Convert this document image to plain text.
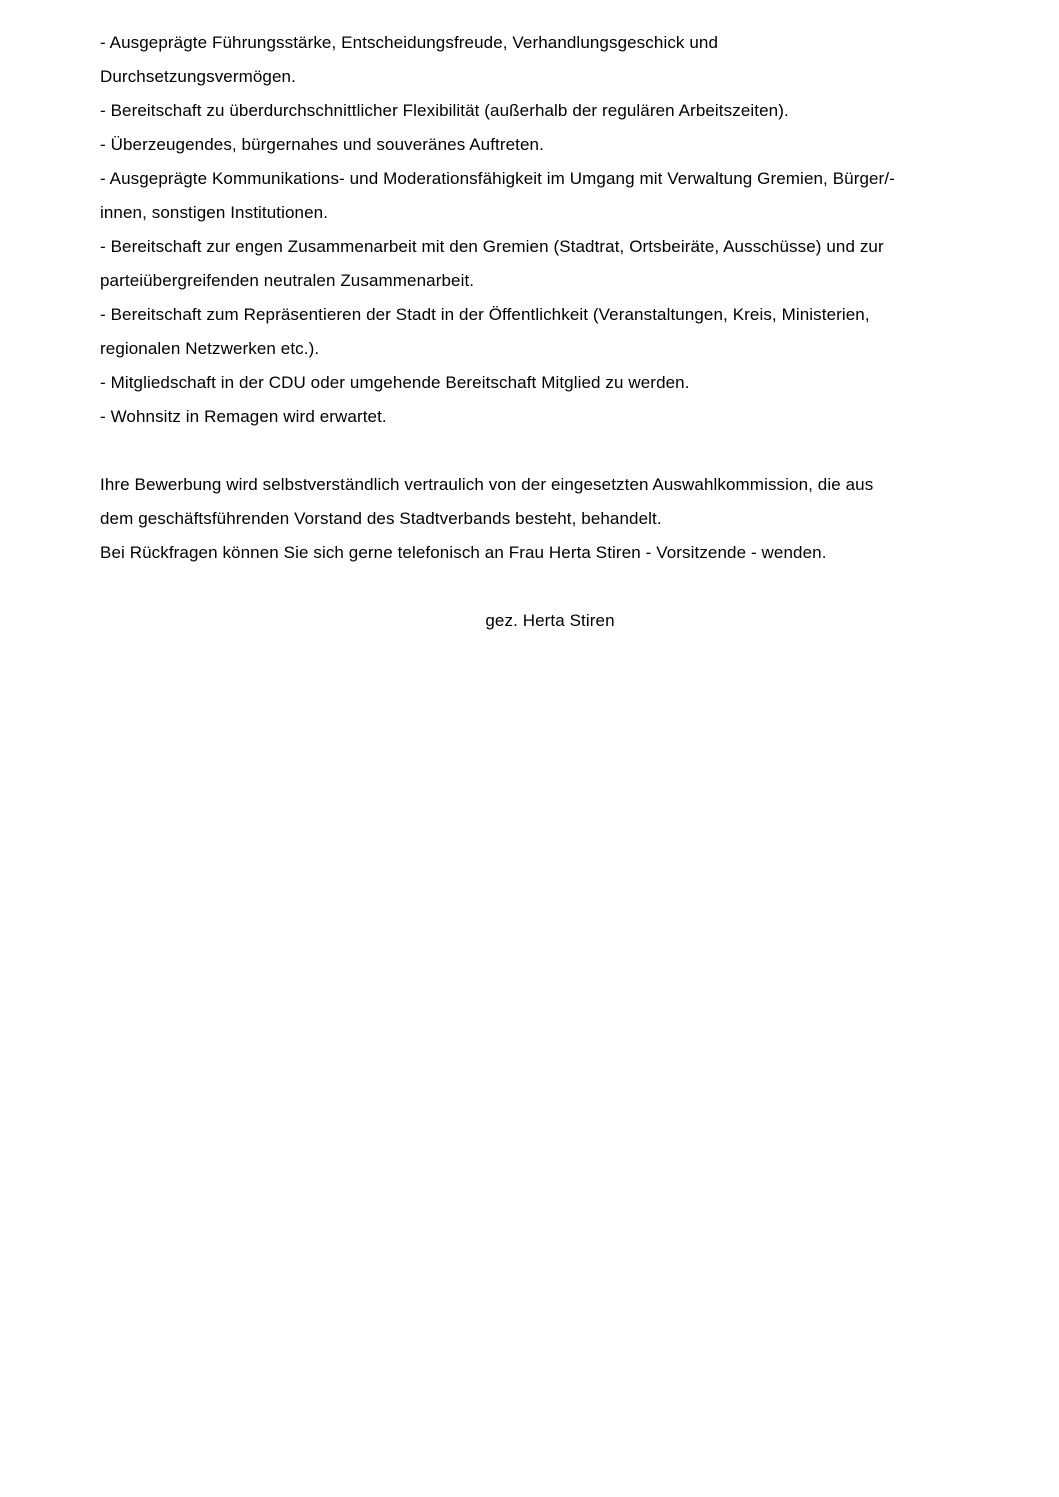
- Ausgeprägte Führungsstärke, Entscheidungsfreude, Verhandlungsgeschick und
Durchsetzungsvermögen.
- Bereitschaft zu überdurchschnittlicher Flexibilität (außerhalb der regulären Arbeitszeiten).
- Überzeugendes, bürgernahes und souveränes Auftreten.
- Ausgeprägte Kommunikations- und Moderationsfähigkeit im Umgang mit Verwaltung Gremien, Bürger/-
innen, sonstigen Institutionen.
- Bereitschaft zur engen Zusammenarbeit mit den Gremien (Stadtrat, Ortsbeiräte, Ausschüsse) und zur
parteiübergreifenden neutralen Zusammenarbeit.
- Bereitschaft zum Repräsentieren der Stadt in der Öffentlichkeit (Veranstaltungen, Kreis, Ministerien,
regionalen Netzwerken etc.).
- Mitgliedschaft in der CDU oder umgehende Bereitschaft Mitglied zu werden.
- Wohnsitz in Remagen wird erwartet.
Ihre Bewerbung wird selbstverständlich vertraulich von der eingesetzten Auswahlkommission, die aus
dem geschäftsführenden Vorstand des Stadtverbands besteht, behandelt.
Bei Rückfragen können Sie sich gerne telefonisch an Frau Herta Stiren - Vorsitzende - wenden.
gez. Herta Stiren
